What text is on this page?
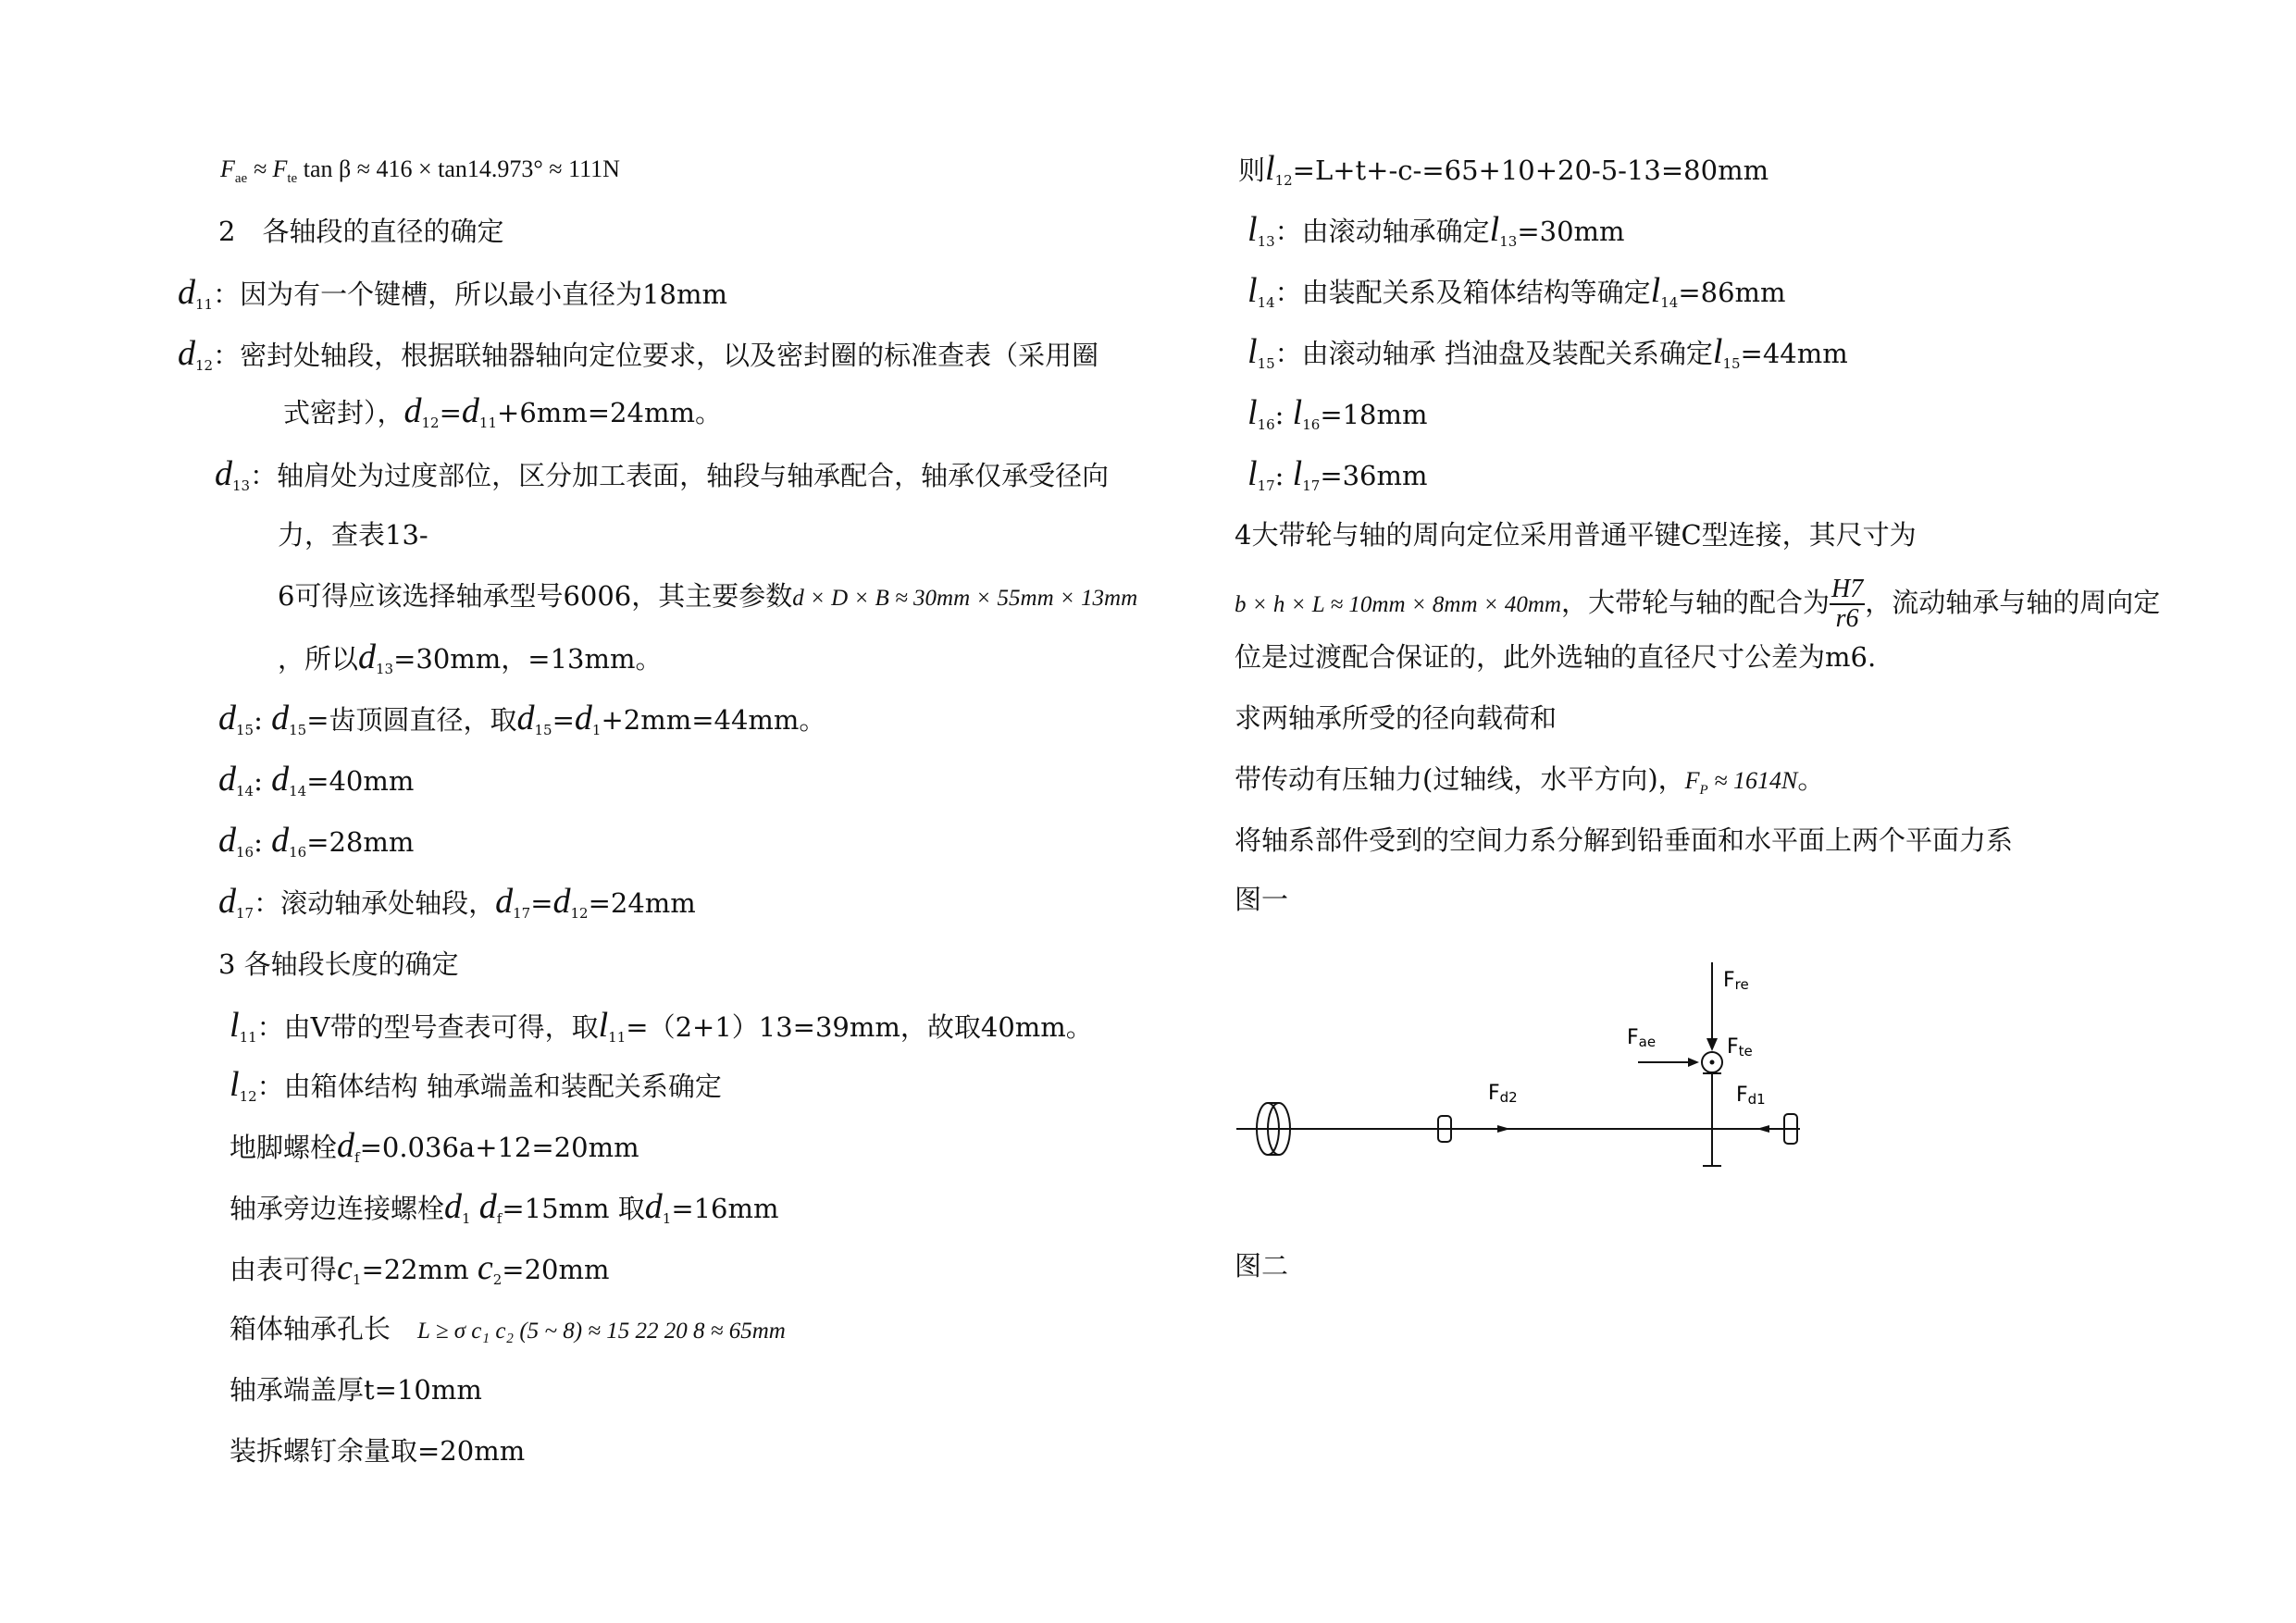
$F_{ae} \approx F_{te}$ tan β ≈ 416 × tan14.973° ≈ 111N
2　各轴段的直径的确定
$d_{11}$：因为有一个键槽，所以最小直径为18mm
$d_{12}$：密封处轴段，根据联轴器轴向定位要求，以及密封圈的标准查表（采用圈
式密封），$d_{12}=d_{11}+6mm=24mm$。
$d_{13}$：轴肩处为过度部位，区分加工表面，轴段与轴承配合，轴承仅承受径向
力，查表13-
6可得应该选择轴承型号6006，其主要参数d × D × B ≈ 30mm × 55mm × 13mm
，所以$d_{13}=30mm$，=13mm。
$d_{15}$: $d_{15}=$齿顶圆直径，取$d_{15}=d_1+2mm=44mm$。
$d_{14}$: $d_{14}=40mm$
$d_{16}$: $d_{16}=28mm$
$d_{17}$：滚动轴承处轴段，$d_{17}=d_{12}=24mm$
3 各轴段长度的确定
$l_{11}$：由V带的型号查表可得，取$l_{11}=(2+1)13=39mm$，故取40mm。
$l_{12}$：由箱体结构 轴承端盖和装配关系确定
地脚螺栓$d_f=0.036a+12=20mm$
轴承旁边连接螺栓$d_1$ $d_f=15mm$ 取$d_1=16mm$
由表可得$c_1=22mm$ $c_2=20mm$
箱体轴承孔长　 L ≥ σ c₁ c₂ (5 ~ 8) ≈ 15 22 20 8 ≈ 65mm
轴承端盖厚t=10mm
装拆螺钉余量取=20mm
则$l_{12}=L+t+-c-=65+10+20-5-13=80mm$
$l_{13}$：由滚动轴承确定$l_{13}=30mm$
$l_{14}$：由装配关系及箱体结构等确定$l_{14}=86mm$
$l_{15}$：由滚动轴承 挡油盘及装配关系确定$l_{15}=44mm$
$l_{16}$: $l_{16}=18mm$
$l_{17}$: $l_{17}=36mm$
4大带轮与轴的周向定位采用普通平键C型连接，其尺寸为
b × h × L ≈ 10mm × 8mm × 40mm，大带轮与轴的配合为 $\frac{H7}{r6}$ ，流动轴承与轴的周向定
位是过渡配合保证的，此外选轴的直径尺寸公差为m6.
求两轴承所受的径向载荷和
带传动有压轴力(过轴线，水平方向)，$F_P \approx 1614N$。
将轴系部件受到的空间力系分解到铅垂面和水平面上两个平面力系
图一
图二
Fre
Fae	Fte
Fd2	Fd1
